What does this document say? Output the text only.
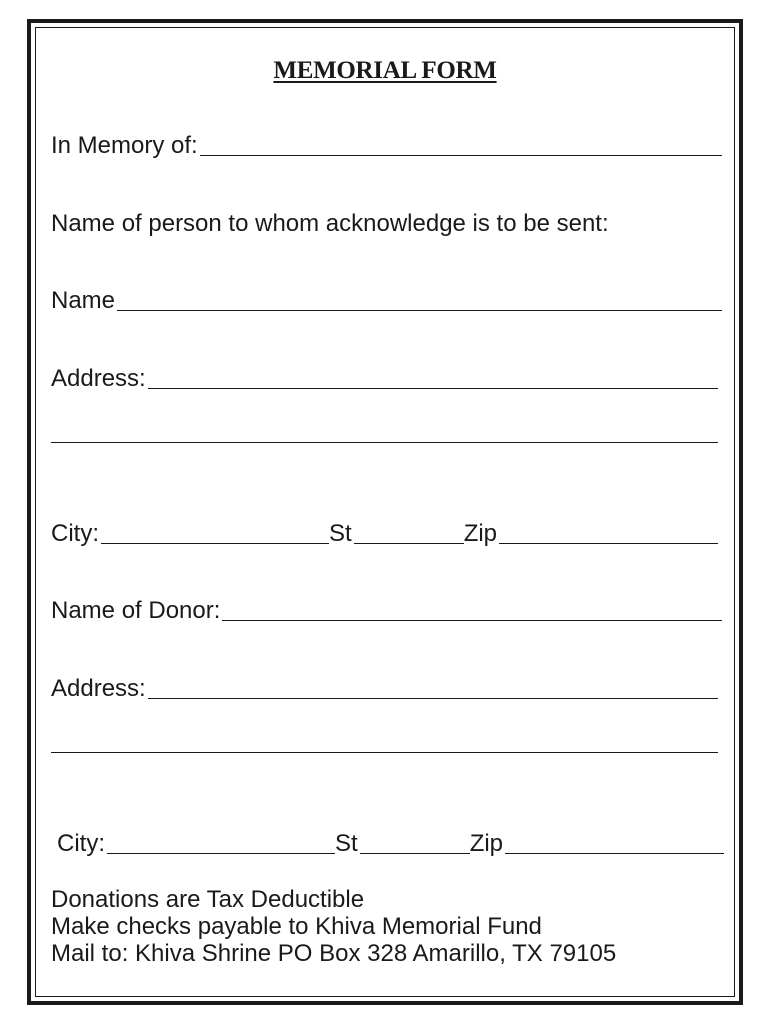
MEMORIAL FORM
In Memory of:
Name of person to whom acknowledge is to be sent:
Name
Address:
City:	St	Zip
Name of Donor:
Address:
City:	St	Zip
Donations are Tax Deductible
Make checks payable to Khiva Memorial Fund
Mail to: Khiva Shrine PO Box 328 Amarillo, TX 79105
